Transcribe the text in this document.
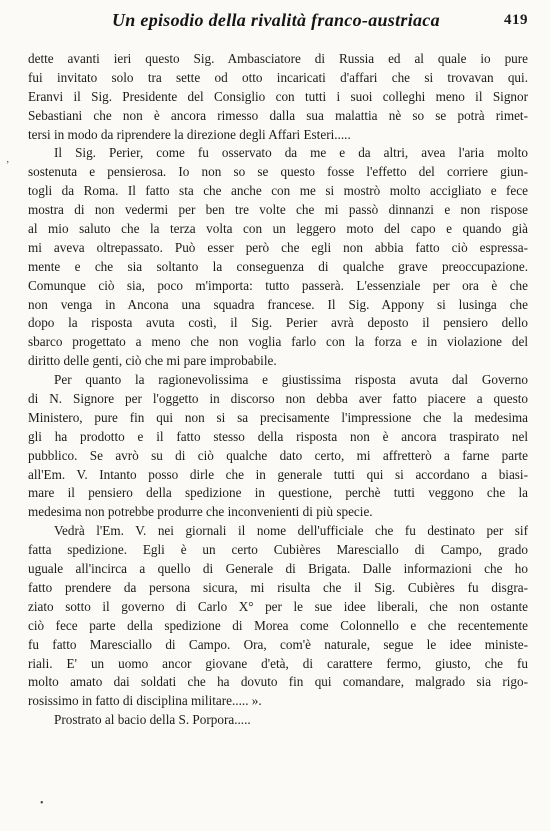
Un episodio della rivalità franco-austriaca	419
’
•
dette avanti ieri questo Sig. Ambasciatore di Russia ed al quale io pure
fui invitato solo tra sette od otto incaricati d'affari che si trovavan qui.
Eranvi il Sig. Presidente del Consiglio con tutti i suoi colleghi meno il Signor
Sebastiani che non è ancora rimesso dalla sua malattia nè so se potrà rimet-
tersi in modo da riprendere la direzione degli Affari Esteri.....
Il Sig. Perier, come fu osservato da me e da altri, avea l'aria molto
sostenuta e pensierosa. Io non so se questo fosse l'effetto del corriere giun-
togli da Roma. Il fatto sta che anche con me si mostrò molto accigliato e fece
mostra di non vedermi per ben tre volte che mi passò dinnanzi e non rispose
al mio saluto che la terza volta con un leggero moto del capo e quando già
mi aveva oltrepassato. Può esser però che egli non abbia fatto ciò espressa-
mente e che sia soltanto la conseguenza di qualche grave preoccupazione.
Comunque ciò sia, poco m'importa: tutto passerà. L'essenziale per ora è che
non venga in Ancona una squadra francese. Il Sig. Appony si lusinga che
dopo la risposta avuta costì, il Sig. Perier avrà deposto il pensiero dello
sbarco progettato a meno che non voglia farlo con la forza e in violazione del
diritto delle genti, ciò che mi pare improbabile.
Per quanto la ragionevolissima e giustissima risposta avuta dal Governo
di N. Signore per l'oggetto in discorso non debba aver fatto piacere a questo
Ministero, pure fin qui non si sa precisamente l'impressione che la medesima
gli ha prodotto e il fatto stesso della risposta non è ancora traspirato nel
pubblico. Se avrò su di ciò qualche dato certo, mi affretterò a farne parte
all'Em. V. Intanto posso dirle che in generale tutti qui si accordano a biasi-
mare il pensiero della spedizione in questione, perchè tutti veggono che la
medesima non potrebbe produrre che inconvenienti di più specie.
Vedrà l'Em. V. nei giornali il nome dell'ufficiale che fu destinato per sif
fatta spedizione. Egli è un certo Cubières Maresciallo di Campo, grado
uguale all'incirca a quello di Generale di Brigata. Dalle informazioni che ho
fatto prendere da persona sicura, mi risulta che il Sig. Cubières fu disgra-
ziato sotto il governo di Carlo X° per le sue idee liberali, che non ostante
ciò fece parte della spedizione di Morea come Colonnello e che recentemente
fu fatto Maresciallo di Campo. Ora, com'è naturale, segue le idee ministe-
riali. E' un uomo ancor giovane d'età, di carattere fermo, giusto, che fu
molto amato dai soldati che ha dovuto fin qui comandare, malgrado sia rigo-
rosissimo in fatto di disciplina militare..... ».
Prostrato al bacio della S. Porpora.....
